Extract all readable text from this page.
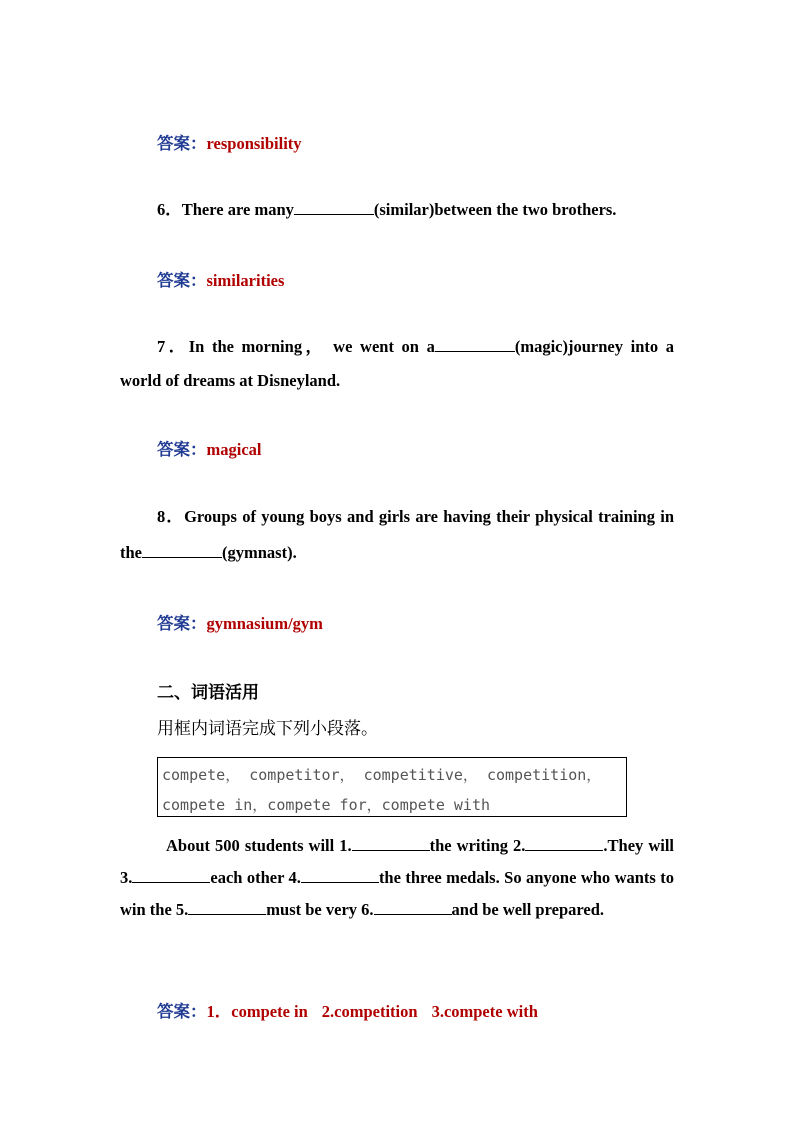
答案：responsibility
6．There are many	(similar)between the two brothers.
答案：similarities
7．In the morning， we went on a	(magic)journey into a world of dreams at Disneyland.
答案：magical
8．Groups of young boys and girls are having their physical training in the	(gymnast).
答案：gymnasium/gym
二、词语活用
用框内词语完成下列小段落。
compete， competitor， competitive， competition，
compete in，compete for，compete with
About 500 students will 1.	the writing 2.	.They will 3.	each other 4.	the three medals. So anyone who wants to win the 5.	must be very 6.	and be well prepared.
答案：1．compete in 2.competition 3.compete with
